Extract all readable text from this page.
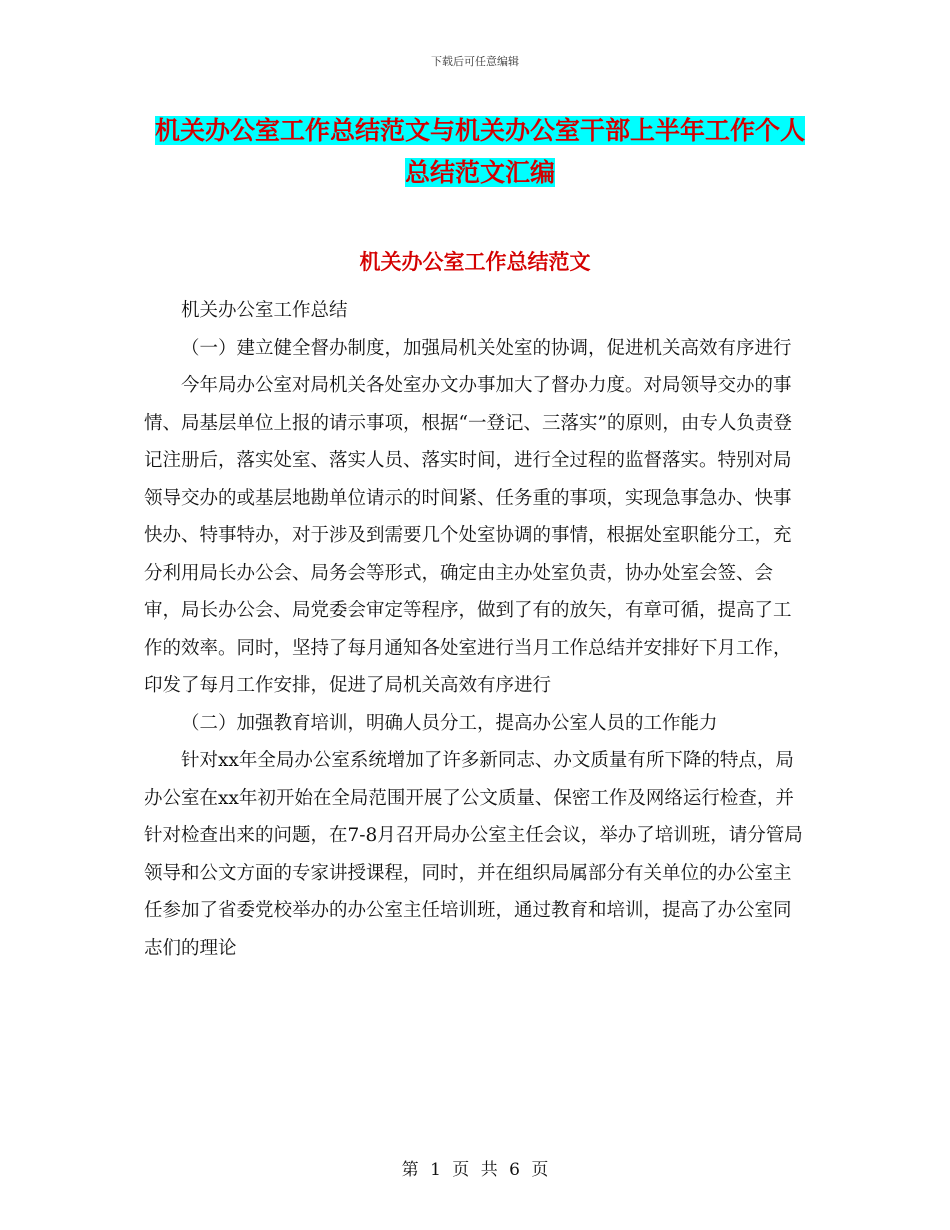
下载后可任意编辑
机关办公室工作总结范文与机关办公室干部上半年工作个人总结范文汇编
机关办公室工作总结范文

机关办公室工作总结

（一）建立健全督办制度，加强局机关处室的协调，促进机关高效有序进行

今年局办公室对局机关各处室办文办事加大了督办力度。对局领导交办的事情、局基层单位上报的请示事项，根据“一登记、三落实”的原则，由专人负责登记注册后，落实处室、落实人员、落实时间，进行全过程的监督落实。特别对局领导交办的或基层地勘单位请示的时间紧、任务重的事项，实现急事急办、快事快办、特事特办，对于涉及到需要几个处室协调的事情，根据处室职能分工，充分利用局长办公会、局务会等形式，确定由主办处室负责，协办处室会签、会审，局长办公会、局党委会审定等程序，做到了有的放矢，有章可循，提高了工作的效率。同时，坚持了每月通知各处室进行当月工作总结并安排好下月工作，印发了每月工作安排，促进了局机关高效有序进行

（二）加强教育培训，明确人员分工，提高办公室人员的工作能力

针对xx年全局办公室系统增加了许多新同志、办文质量有所下降的特点，局办公室在xx年初开始在全局范围开展了公文质量、保密工作及网络运行检查，并针对检查出来的问题，在7-8月召开局办公室主任会议，举办了培训班，请分管局领导和公文方面的专家讲授课程，同时，并在组织局属部分有关单位的办公室主任参加了省委党校举办的办公室主任培训班，通过教育和培训，提高了办公室同志们的理论

第 1 页 共 6 页
